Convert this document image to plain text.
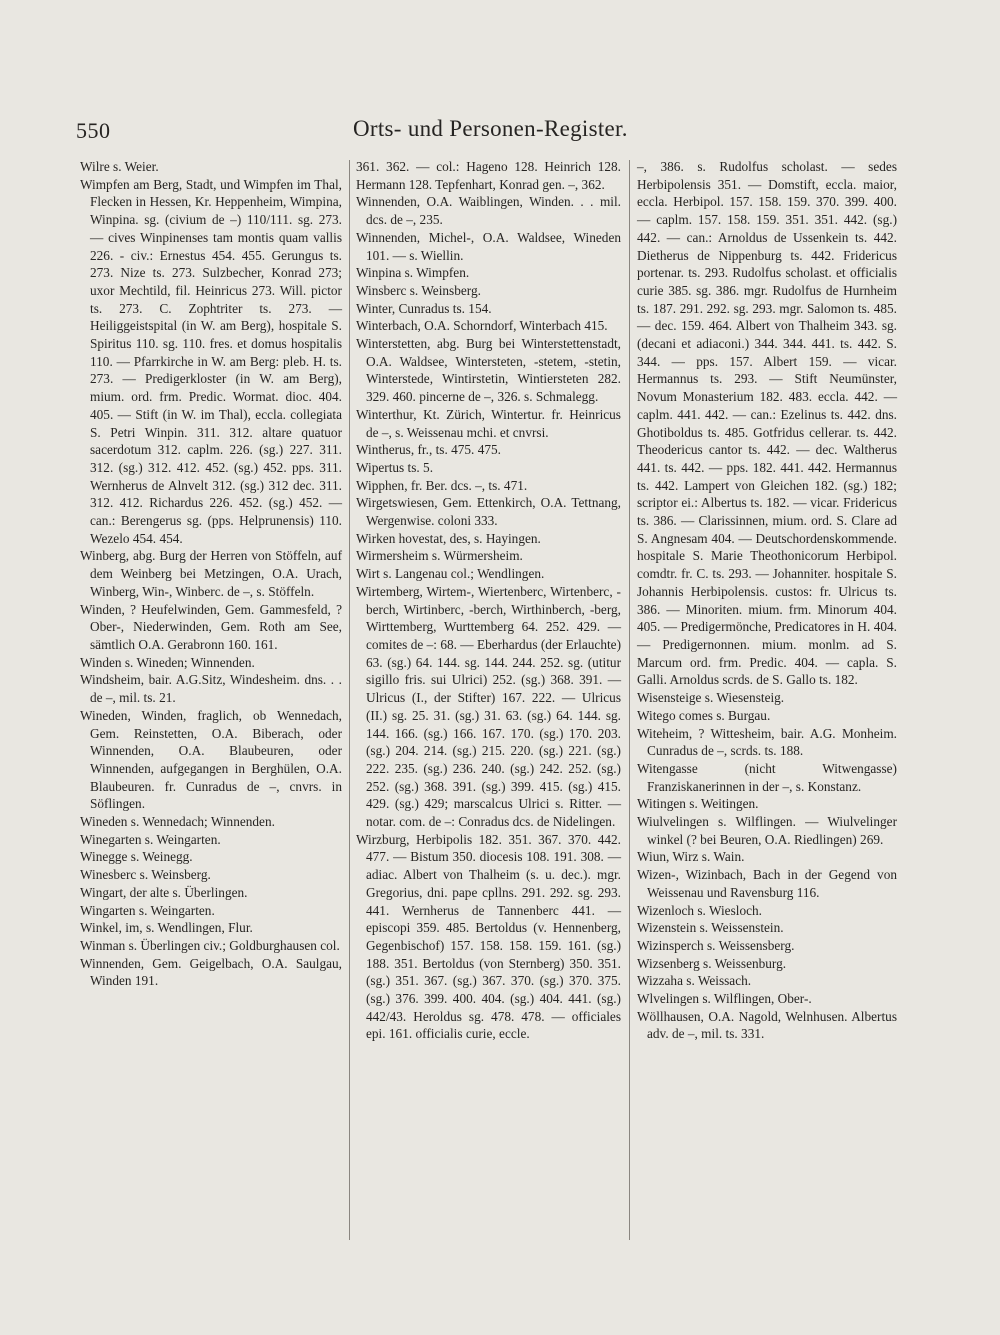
550	Orts- und Personen-Register.

Wilre s. Weier.

Wimpfen am Berg, Stadt, und Wimpfen im Thal, Flecken in Hessen, Kr. Heppenheim, Wimpina, Winpina. sg. (civium de –) 110/111. sg. 273. — cives Winpinenses tam montis quam vallis 226. - civ.: Ernestus 454. 455. Gerungus ts. 273. Nize ts. 273. Sulzbecher, Konrad 273; uxor Mechtild, fil. Heinricus 273. Will. pictor ts. 273. C. Zophtriter ts. 273. — Heiliggeistspital (in W. am Berg), hospitale S. Spiritus 110. sg. 110. fres. et domus hospitalis 110. — Pfarrkirche in W. am Berg: pleb. H. ts. 273. — Predigerkloster (in W. am Berg), mium. ord. frm. Predic. Wormat. dioc. 404. 405. — Stift (in W. im Thal), eccla. collegiata S. Petri Winpin. 311. 312. altare quatuor sacerdotum 312. caplm. 226. (sg.) 227. 311. 312. (sg.) 312. 412. 452. (sg.) 452. pps. 311. Wernherus de Alnvelt 312. (sg.) 312 dec. 311. 312. 412. Richardus 226. 452. (sg.) 452. — can.: Berengerus sg. (pps. Helprunensis) 110. Wezelo 454. 454.

Winberg, abg. Burg der Herren von Stöffeln, auf dem Weinberg bei Metzingen, O.A. Urach, Winberg, Win-, Winberc. de –, s. Stöffeln.

Winden, ? Heufelwinden, Gem. Gammesfeld, ? Ober-, Niederwinden, Gem. Roth am See, sämtlich O.A. Gerabronn 160. 161.

Winden s. Wineden; Winnenden.

Windsheim, bair. A.G.Sitz, Windesheim. dns. . . de –, mil. ts. 21.

Wineden, Winden, fraglich, ob Wennedach, Gem. Reinstetten, O.A. Biberach, oder Winnenden, O.A. Blaubeuren, oder Winnenden, aufgegangen in Berghülen, O.A. Blaubeuren. fr. Cunradus de –, cnvrs. in Söflingen.

Wineden s. Wennedach; Winnenden.

Winegarten s. Weingarten.

Winegge s. Weinegg.

Winesberc s. Weinsberg.

Wingart, der alte s. Überlingen.

Wingarten s. Weingarten.

Winkel, im, s. Wendlingen, Flur.

Winman s. Überlingen civ.; Goldburghausen col.

Winnenden, Gem. Geigelbach, O.A. Saulgau, Winden 191.

361. 362. — col.: Hageno 128. Heinrich 128. Hermann 128. Tepfenhart, Konrad gen. –, 362.

Winnenden, O.A. Waiblingen, Winden. . . mil. dcs. de –, 235.

Winnenden, Michel-, O.A. Waldsee, Wineden 101. — s. Wiellin.

Winpina s. Wimpfen.

Winsberc s. Weinsberg.

Winter, Cunradus ts. 154.

Winterbach, O.A. Schorndorf, Winterbach 415.

Winterstetten, abg. Burg bei Winterstettenstadt, O.A. Waldsee, Wintersteten, -stetem, -stetin, Winterstede, Wintirstetin, Wintiersteten 282. 329. 460. pincerne de –, 326. s. Schmalegg.

Winterthur, Kt. Zürich, Wintertur. fr. Heinricus de –, s. Weissenau mchi. et cnvrsi.

Wintherus, fr., ts. 475. 475.

Wipertus ts. 5.

Wipphen, fr. Ber. dcs. –, ts. 471.

Wirgetswiesen, Gem. Ettenkirch, O.A. Tettnang, Wergenwise. coloni 333.

Wirken hovestat, des, s. Hayingen.

Wirmersheim s. Würmersheim.

Wirt s. Langenau col.; Wendlingen.

Wirtemberg, Wirtem-, Wiertenberc, Wirtenberc, -berch, Wirtinberc, -berch, Wirthinberch, -berg, Wirttemberg, Wurttemberg 64. 252. 429. — comites de –: 68. — Eberhardus (der Erlauchte) 63. (sg.) 64. 144. sg. 144. 244. 252. sg. (utitur sigillo fris. sui Ulrici) 252. (sg.) 368. 391. — Ulricus (I., der Stifter) 167. 222. — Ulricus (II.) sg. 25. 31. (sg.) 31. 63. (sg.) 64. 144. sg. 144. 166. (sg.) 166. 167. 170. (sg.) 170. 203. (sg.) 204. 214. (sg.) 215. 220. (sg.) 221. (sg.) 222. 235. (sg.) 236. 240. (sg.) 242. 252. (sg.) 252. (sg.) 368. 391. (sg.) 399. 415. (sg.) 415. 429. (sg.) 429; marscalcus Ulrici s. Ritter. — notar. com. de –: Conradus dcs. de Nidelingen.

Wirzburg, Herbipolis 182. 351. 367. 370. 442. 477. — Bistum 350. diocesis 108. 191. 308. — adiac. Albert von Thalheim (s. u. dec.). mgr. Gregorius, dni. pape cpllns. 291. 292. sg. 293. 441. Wernherus de Tannenberc 441. — episcopi 359. 485. Bertoldus (v. Hennenberg, Gegenbischof) 157. 158. 158. 159. 161. (sg.) 188. 351. Bertoldus (von Sternberg) 350. 351. (sg.) 351. 367. (sg.) 367. 370. (sg.) 370. 375. (sg.) 376. 399. 400. 404. (sg.) 404. 441. (sg.) 442/43. Heroldus sg. 478. 478. — officiales epi. 161. officialis curie, eccle.

–, 386. s. Rudolfus scholast. — sedes Herbipolensis 351. — Domstift, eccla. maior, eccla. Herbipol. 157. 158. 159. 370. 399. 400. — caplm. 157. 158. 159. 351. 351. 442. (sg.) 442. — can.: Arnoldus de Ussenkein ts. 442. Dietherus de Nippenburg ts. 442. Fridericus portenar. ts. 293. Rudolfus scholast. et officialis curie 385. sg. 386. mgr. Rudolfus de Hurnheim ts. 187. 291. 292. sg. 293. mgr. Salomon ts. 485. — dec. 159. 464. Albert von Thalheim 343. sg. (decani et adiaconi.) 344. 344. 441. ts. 442. S. 344. — pps. 157. Albert 159. — vicar. Hermannus ts. 293. — Stift Neumünster, Novum Monasterium 182. 483. eccla. 442. — caplm. 441. 442. — can.: Ezelinus ts. 442. dns. Ghotiboldus ts. 485. Gotfridus cellerar. ts. 442. Theodericus cantor ts. 442. — dec. Waltherus 441. ts. 442. — pps. 182. 441. 442. Hermannus ts. 442. Lampert von Gleichen 182. (sg.) 182; scriptor ei.: Albertus ts. 182. — vicar. Fridericus ts. 386. — Clarissinnen, mium. ord. S. Clare ad S. Angnesam 404. — Deutschordenskommende. hospitale S. Marie Theothonicorum Herbipol. comdtr. fr. C. ts. 293. — Johanniter. hospitale S. Johannis Herbipolensis. custos: fr. Ulricus ts. 386. — Minoriten. mium. frm. Minorum 404. 405. — Predigermönche, Predicatores in H. 404. — Predigernonnen. mium. monlm. ad S. Marcum ord. frm. Predic. 404. — capla. S. Galli. Arnoldus scrds. de S. Gallo ts. 182.

Wisensteige s. Wiesensteig.

Witego comes s. Burgau.

Witeheim, ? Wittesheim, bair. A.G. Monheim. Cunradus de –, scrds. ts. 188.

Witengasse (nicht Witwengasse) Franziskanerinnen in der –, s. Konstanz.

Witingen s. Weitingen.

Wiulvelingen s. Wilflingen. — Wiulvelinger winkel (? bei Beuren, O.A. Riedlingen) 269.

Wiun, Wirz s. Wain.

Wizen-, Wizinbach, Bach in der Gegend von Weissenau und Ravensburg 116.

Wizenloch s. Wiesloch.

Wizenstein s. Weissenstein.

Wizinsperch s. Weissensberg.

Wizsenberg s. Weissenburg.

Wizzaha s. Weissach.

Wlvelingen s. Wilflingen, Ober-.

Wöllhausen, O.A. Nagold, Welnhusen. Albertus adv. de –, mil. ts. 331.
